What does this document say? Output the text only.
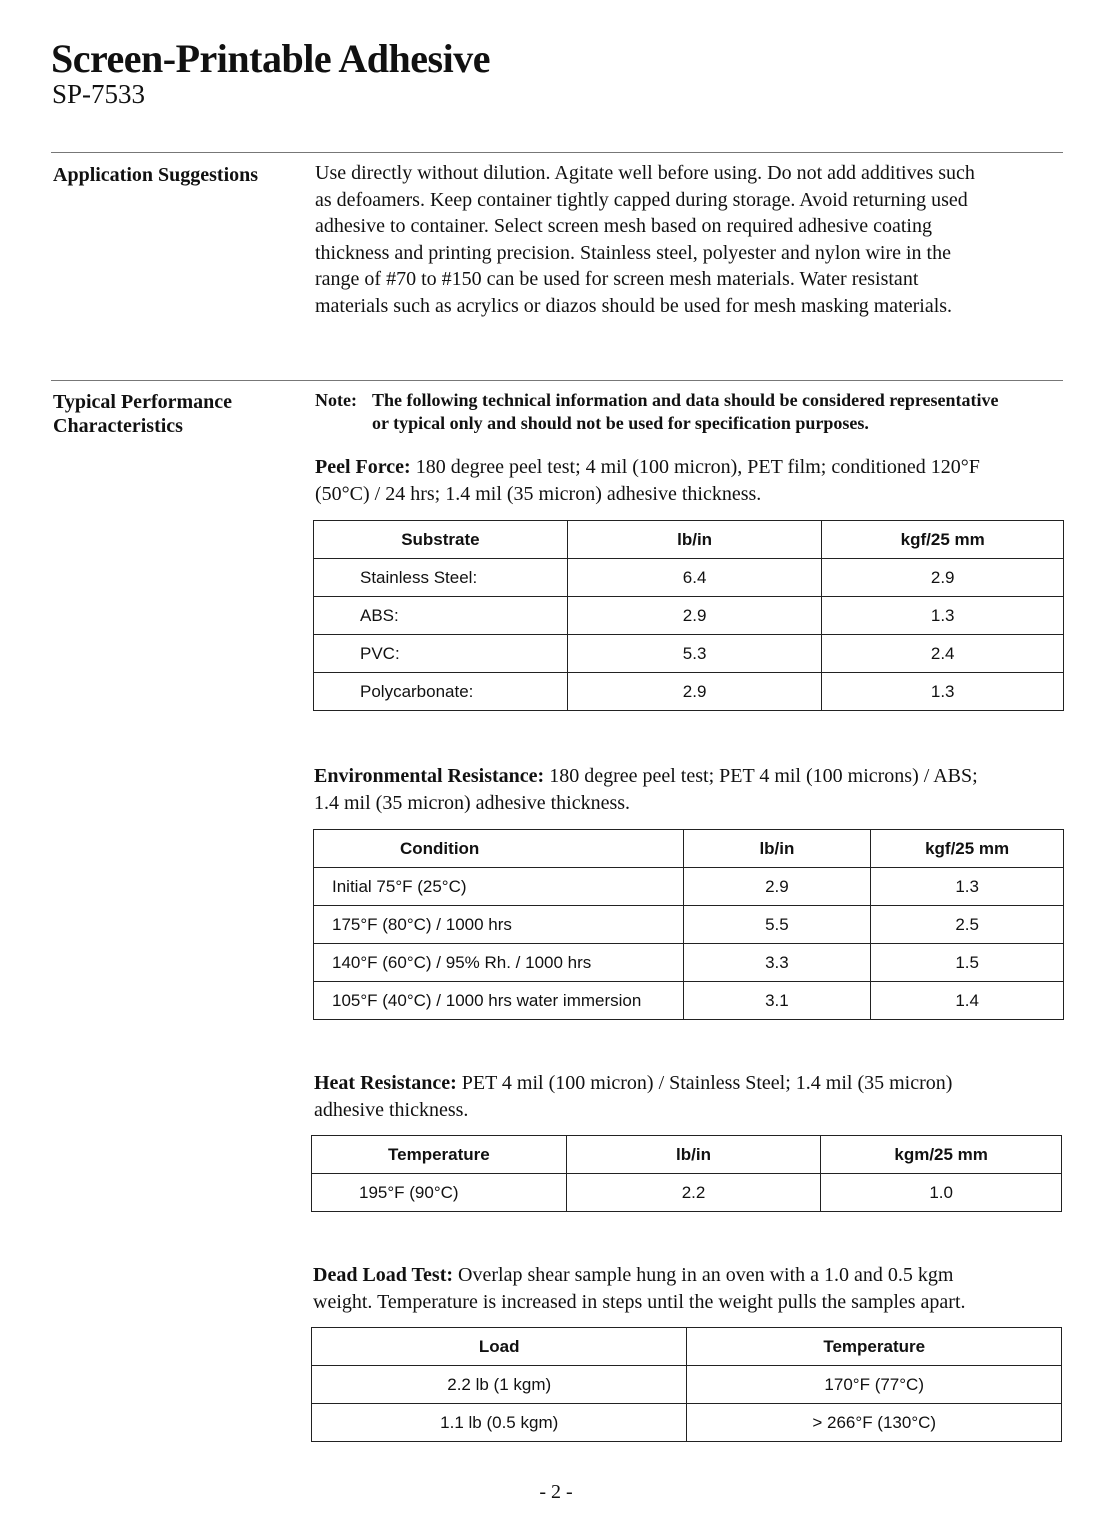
Screen-Printable Adhesive
SP-7533
Application Suggestions	Use directly without dilution. Agitate well before using. Do not add additives such
as defoamers. Keep container tightly capped during storage. Avoid returning used
adhesive to container. Select screen mesh based on required adhesive coating
thickness and printing precision. Stainless steel, polyester and nylon wire in the
range of #70 to #150 can be used for screen mesh materials. Water resistant
materials such as acrylics or diazos should be used for mesh masking materials.
Typical Performance
Characteristics
Note: The following technical information and data should be considered representative
or typical only and should not be used for specification purposes.
Peel Force: 180 degree peel test; 4 mil (100 micron), PET film; conditioned 120°F
(50°C) / 24 hrs; 1.4 mil (35 micron) adhesive thickness.
Substrate	lb/in	kgf/25 mm
Stainless Steel:	6.4	2.9
ABS:	2.9	1.3
PVC:	5.3	2.4
Polycarbonate:	2.9	1.3
Environmental Resistance: 180 degree peel test; PET 4 mil (100 microns) / ABS;
1.4 mil (35 micron) adhesive thickness.
Condition	lb/in	kgf/25 mm
Initial 75°F (25°C)	2.9	1.3
175°F (80°C) / 1000 hrs	5.5	2.5
140°F (60°C) / 95% Rh. / 1000 hrs	3.3	1.5
105°F (40°C) / 1000 hrs water immersion	3.1	1.4
Heat Resistance: PET 4 mil (100 micron) / Stainless Steel; 1.4 mil (35 micron)
adhesive thickness.
Temperature	lb/in	kgm/25 mm
195°F (90°C)	2.2	1.0
Dead Load Test: Overlap shear sample hung in an oven with a 1.0 and 0.5 kgm
weight. Temperature is increased in steps until the weight pulls the samples apart.
Load	Temperature
2.2 lb (1 kgm)	170°F (77°C)
1.1 lb (0.5 kgm)	> 266°F (130°C)
- 2 -
